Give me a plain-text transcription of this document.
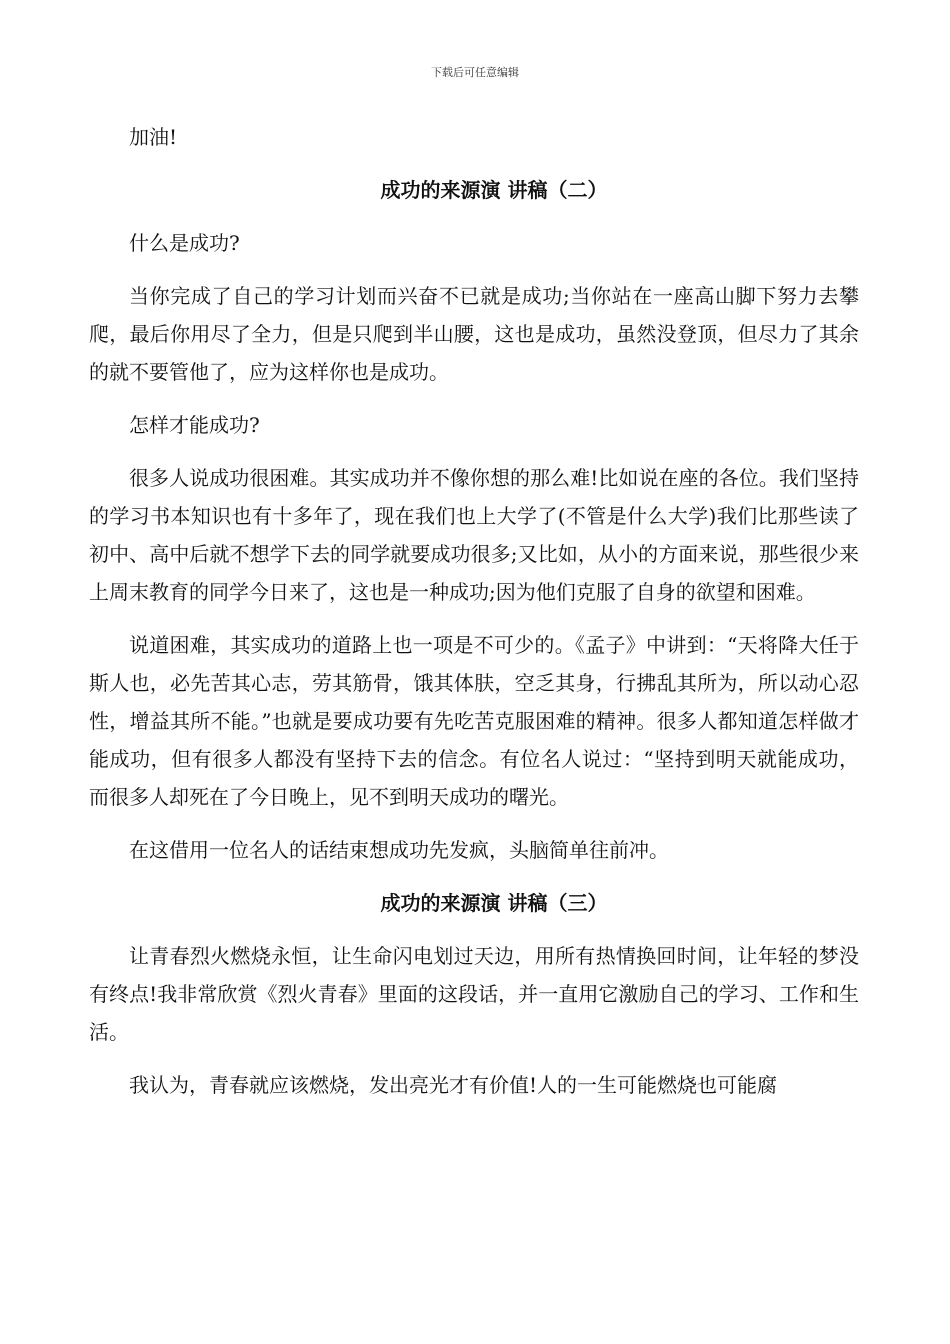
下载后可任意编辑

加油!

成功的来源演 讲稿（二）

什么是成功?

当你完成了自己的学习计划而兴奋不已就是成功;当你站在一座高山脚下努力去攀爬，最后你用尽了全力，但是只爬到半山腰，这也是成功，虽然没登顶，但尽力了其余的就不要管他了，应为这样你也是成功。

怎样才能成功?

很多人说成功很困难。其实成功并不像你想的那么难!比如说在座的各位。我们坚持的学习书本知识也有十多年了，现在我们也上大学了(不管是什么大学)我们比那些读了初中、高中后就不想学下去的同学就要成功很多;又比如，从小的方面来说，那些很少来上周末教育的同学今日来了，这也是一种成功;因为他们克服了自身的欲望和困难。

说道困难，其实成功的道路上也一项是不可少的。《孟子》中讲到：“天将降大任于斯人也，必先苦其心志，劳其筋骨，饿其体肤，空乏其身，行拂乱其所为，所以动心忍性，增益其所不能。”也就是要成功要有先吃苦克服困难的精神。很多人都知道怎样做才能成功，但有很多人都没有坚持下去的信念。有位名人说过：“坚持到明天就能成功，而很多人却死在了今日晚上，见不到明天成功的曙光。

在这借用一位名人的话结束想成功先发疯，头脑简单往前冲。

成功的来源演 讲稿（三）

让青春烈火燃烧永恒，让生命闪电划过天边，用所有热情换回时间，让年轻的梦没有终点!我非常欣赏《烈火青春》里面的这段话，并一直用它激励自己的学习、工作和生活。

我认为，青春就应该燃烧，发出亮光才有价值!人的一生可能燃烧也可能腐
